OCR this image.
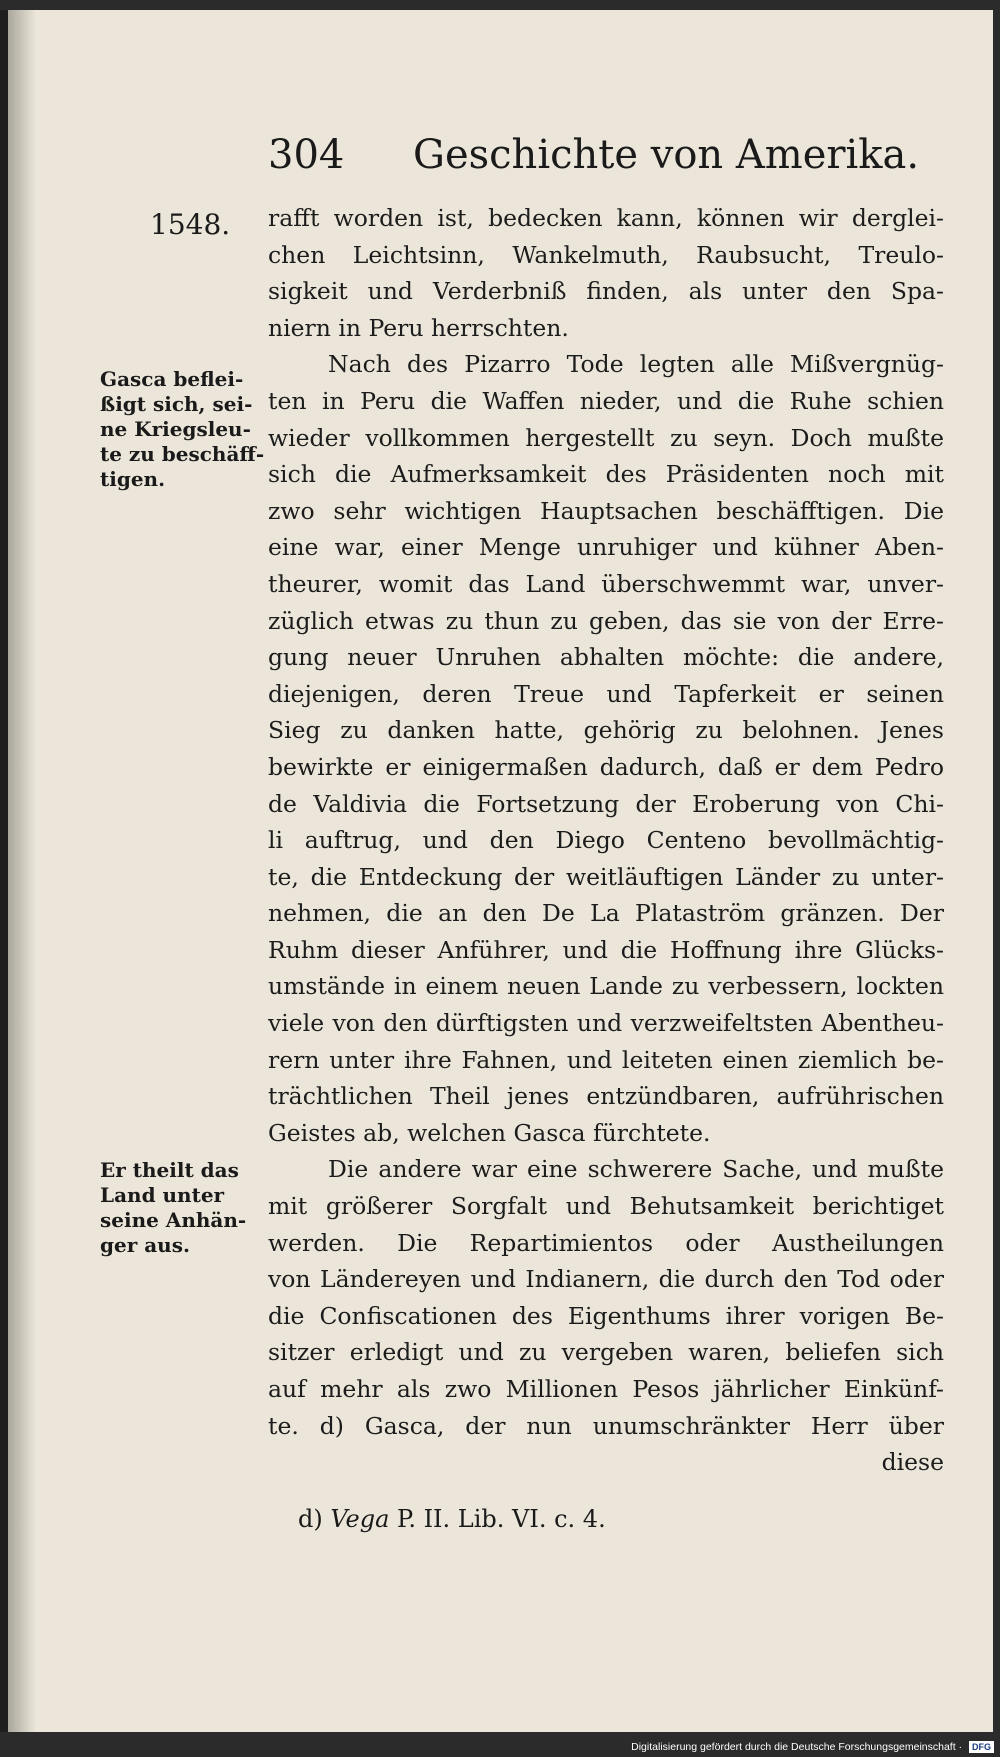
304 Geschichte von Amerika.
1548.
Gasca beflei-
ßigt sich, sei-
ne Kriegsleu-
te zu beschäff-
tigen.
Er theilt das
Land unter
seine Anhän-
ger aus.
rafft worden ist, bedecken kann, können wir derglei-
chen Leichtsinn, Wankelmuth, Raubsucht, Treulo-
sigkeit und Verderbniß finden, als unter den Spa-
niern in Peru herrschten.
Nach des Pizarro Tode legten alle Mißvergnüg-
ten in Peru die Waffen nieder, und die Ruhe schien
wieder vollkommen hergestellt zu seyn. Doch mußte
sich die Aufmerksamkeit des Präsidenten noch mit
zwo sehr wichtigen Hauptsachen beschäfftigen. Die
eine war, einer Menge unruhiger und kühner Aben-
theurer, womit das Land überschwemmt war, unver-
züglich etwas zu thun zu geben, das sie von der Erre-
gung neuer Unruhen abhalten möchte: die andere,
diejenigen, deren Treue und Tapferkeit er seinen
Sieg zu danken hatte, gehörig zu belohnen. Jenes
bewirkte er einigermaßen dadurch, daß er dem Pedro
de Valdivia die Fortsetzung der Eroberung von Chi-
li auftrug, und den Diego Centeno bevollmächtig-
te, die Entdeckung der weitläuftigen Länder zu unter-
nehmen, die an den De La Plataström gränzen. Der
Ruhm dieser Anführer, und die Hoffnung ihre Glücks-
umstände in einem neuen Lande zu verbessern, lockten
viele von den dürftigsten und verzweifeltsten Abentheu-
rern unter ihre Fahnen, und leiteten einen ziemlich be-
trächtlichen Theil jenes entzündbaren, aufrührischen
Geistes ab, welchen Gasca fürchtete.
Die andere war eine schwerere Sache, und mußte
mit größerer Sorgfalt und Behutsamkeit berichtiget
werden. Die Repartimientos oder Austheilungen
von Ländereyen und Indianern, die durch den Tod oder
die Confiscationen des Eigenthums ihrer vorigen Be-
sitzer erledigt und zu vergeben waren, beliefen sich
auf mehr als zwo Millionen Pesos jährlicher Einkünf-
te. d) Gasca, der nun unumschränkter Herr über
diese
d) Vega P. II. Lib. VI. c. 4.
Digitalisierung gefördert durch die Deutsche Forschungsgemeinschaft · DFG
